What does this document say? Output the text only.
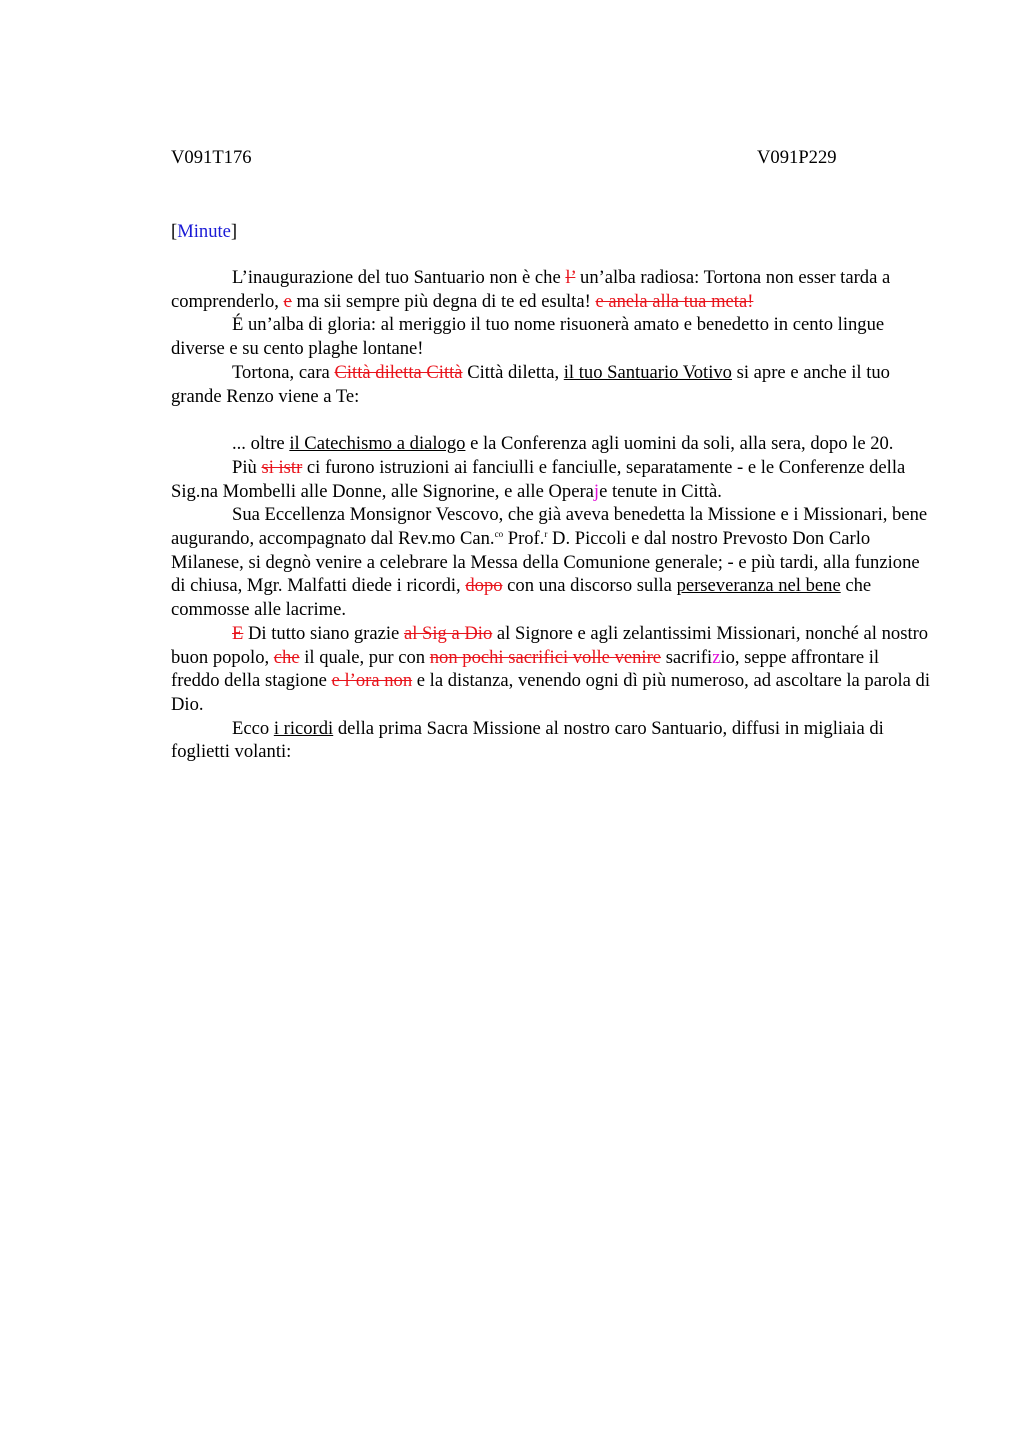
V091T176	V091P229
[Minute]

L’inaugurazione del tuo Santuario non è che l’ un’alba radiosa: Tortona non esser tarda a comprenderlo, e ma sii sempre più degna di te ed esulta! e anela alla tua meta!

É un’alba di gloria: al meriggio il tuo nome risuonerà amato e benedetto in cento lingue diverse e su cento plaghe lontane!

Tortona, cara Città diletta Città Città diletta, il tuo Santuario Votivo si apre e anche il tuo grande Renzo viene a Te:

... oltre il Catechismo a dialogo e la Conferenza agli uomini da soli, alla sera, dopo le 20.

Più si istr ci furono istruzioni ai fanciulli e fanciulle, separatamente - e le Conferenze della Sig.na Mombelli alle Donne, alle Signorine, e alle Operaje tenute in Città.

Sua Eccellenza Monsignor Vescovo, che già aveva benedetta la Missione e i Missionari, bene augurando, accompagnato dal Rev.mo Can.$^{co}$ Prof.$^r$ D. Piccoli e dal nostro Prevosto Don Carlo Milanese, si degnò venire a celebrare la Messa della Comunione generale; - e più tardi, alla funzione di chiusa, Mgr. Malfatti diede i ricordi, dopo con una discorso sulla perseveranza nel bene che commosse alle lacrime.

E Di tutto siano grazie al Sig a Dio al Signore e agli zelantissimi Missionari, nonché al nostro buon popolo, che il quale, pur con non pochi sacrifici volle venire sacrifizio, seppe affrontare il freddo della stagione e l’ora non e la distanza, venendo ogni dì più numeroso, ad ascoltare la parola di Dio.

Ecco i ricordi della prima Sacra Missione al nostro caro Santuario, diffusi in migliaia di foglietti volanti:
